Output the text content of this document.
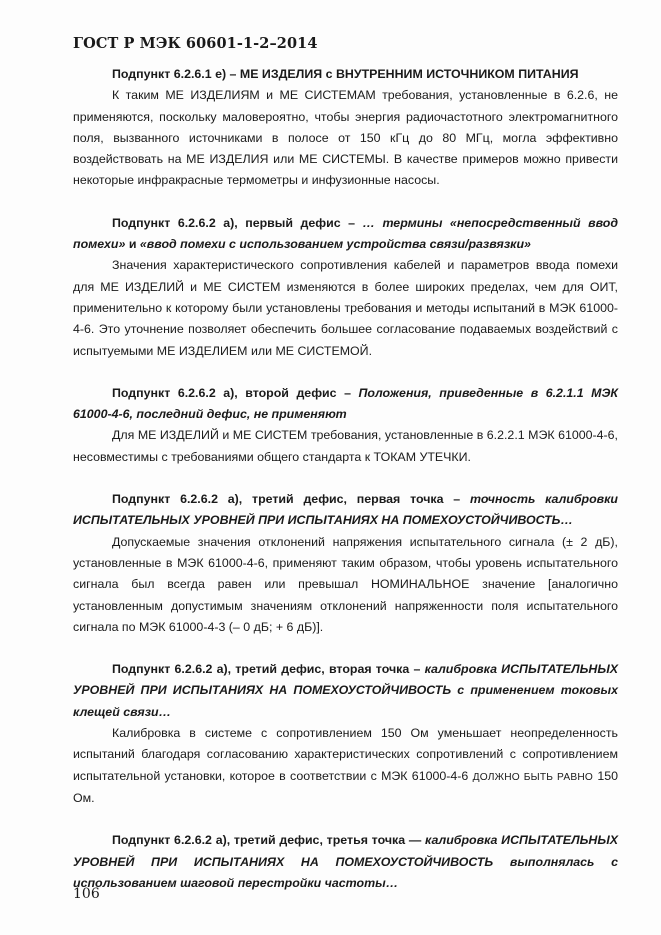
ГОСТ Р МЭК 60601-1-2–2014

Подпункт 6.2.6.1 е) – МЕ ИЗДЕЛИЯ с ВНУТРЕННИМ ИСТОЧНИКОМ ПИТАНИЯ

К таким МЕ ИЗДЕЛИЯМ и МЕ СИСТЕМАМ требования, установленные в 6.2.6, не применяются, поскольку маловероятно, чтобы энергия радиочастотного электромагнитного поля, вызванного источниками в полосе от 150 кГц до 80 МГц, могла эффективно воздействовать на МЕ ИЗДЕЛИЯ или МЕ СИСТЕМЫ. В качестве примеров можно привести некоторые инфракрасные термометры и инфузионные насосы.

Подпункт 6.2.6.2 а), первый дефис – … термины «непосредственный ввод помехи» и «ввод помехи с использованием устройства связи/развязки»

Значения характеристического сопротивления кабелей и параметров ввода помехи для МЕ ИЗДЕЛИЙ и МЕ СИСТЕМ изменяются в более широких пределах, чем для ОИТ, применительно к которому были установлены требования и методы испытаний в МЭК 61000-4-6. Это уточнение позволяет обеспечить большее согласование подаваемых воздействий с испытуемыми МЕ ИЗДЕЛИЕМ или МЕ СИСТЕМОЙ.

Подпункт 6.2.6.2 а), второй дефис – Положения, приведенные в 6.2.1.1 МЭК 61000-4-6, последний дефис, не применяют

Для МЕ ИЗДЕЛИЙ и МЕ СИСТЕМ требования, установленные в 6.2.2.1 МЭК 61000-4-6, несовместимы с требованиями общего стандарта к ТОКАМ УТЕЧКИ.

Подпункт 6.2.6.2 а), третий дефис, первая точка – точность калибровки ИСПЫТАТЕЛЬНЫХ УРОВНЕЙ ПРИ ИСПЫТАНИЯХ НА ПОМЕХОУСТОЙЧИВОСТЬ…

Допускаемые значения отклонений напряжения испытательного сигнала (± 2 дБ), установленные в МЭК 61000-4-6, применяют таким образом, чтобы уровень испытательного сигнала был всегда равен или превышал НОМИНАЛЬНОЕ значение [аналогично установленным допустимым значениям отклонений напряженности поля испытательного сигнала по МЭК 61000-4-3 (– 0 дБ; + 6 дБ)].

Подпункт 6.2.6.2 а), третий дефис, вторая точка – калибровка ИСПЫТАТЕЛЬНЫХ УРОВНЕЙ ПРИ ИСПЫТАНИЯХ НА ПОМЕХОУСТОЙЧИВОСТЬ с применением токовых клещей связи…

Калибровка в системе с сопротивлением 150 Ом уменьшает неопределенность испытаний благодаря согласованию характеристических сопротивлений с сопротивлением испытательной установки, которое в соответствии с МЭК 61000-4-6 ДОЛЖНО БЫТЬ РАВНО 150 Ом.

Подпункт 6.2.6.2 а), третий дефис, третья точка — калибровка ИСПЫТАТЕЛЬНЫХ УРОВНЕЙ ПРИ ИСПЫТАНИЯХ НА ПОМЕХОУСТОЙЧИВОСТЬ выполнялась с использованием шаговой перестройки частоты…

106
